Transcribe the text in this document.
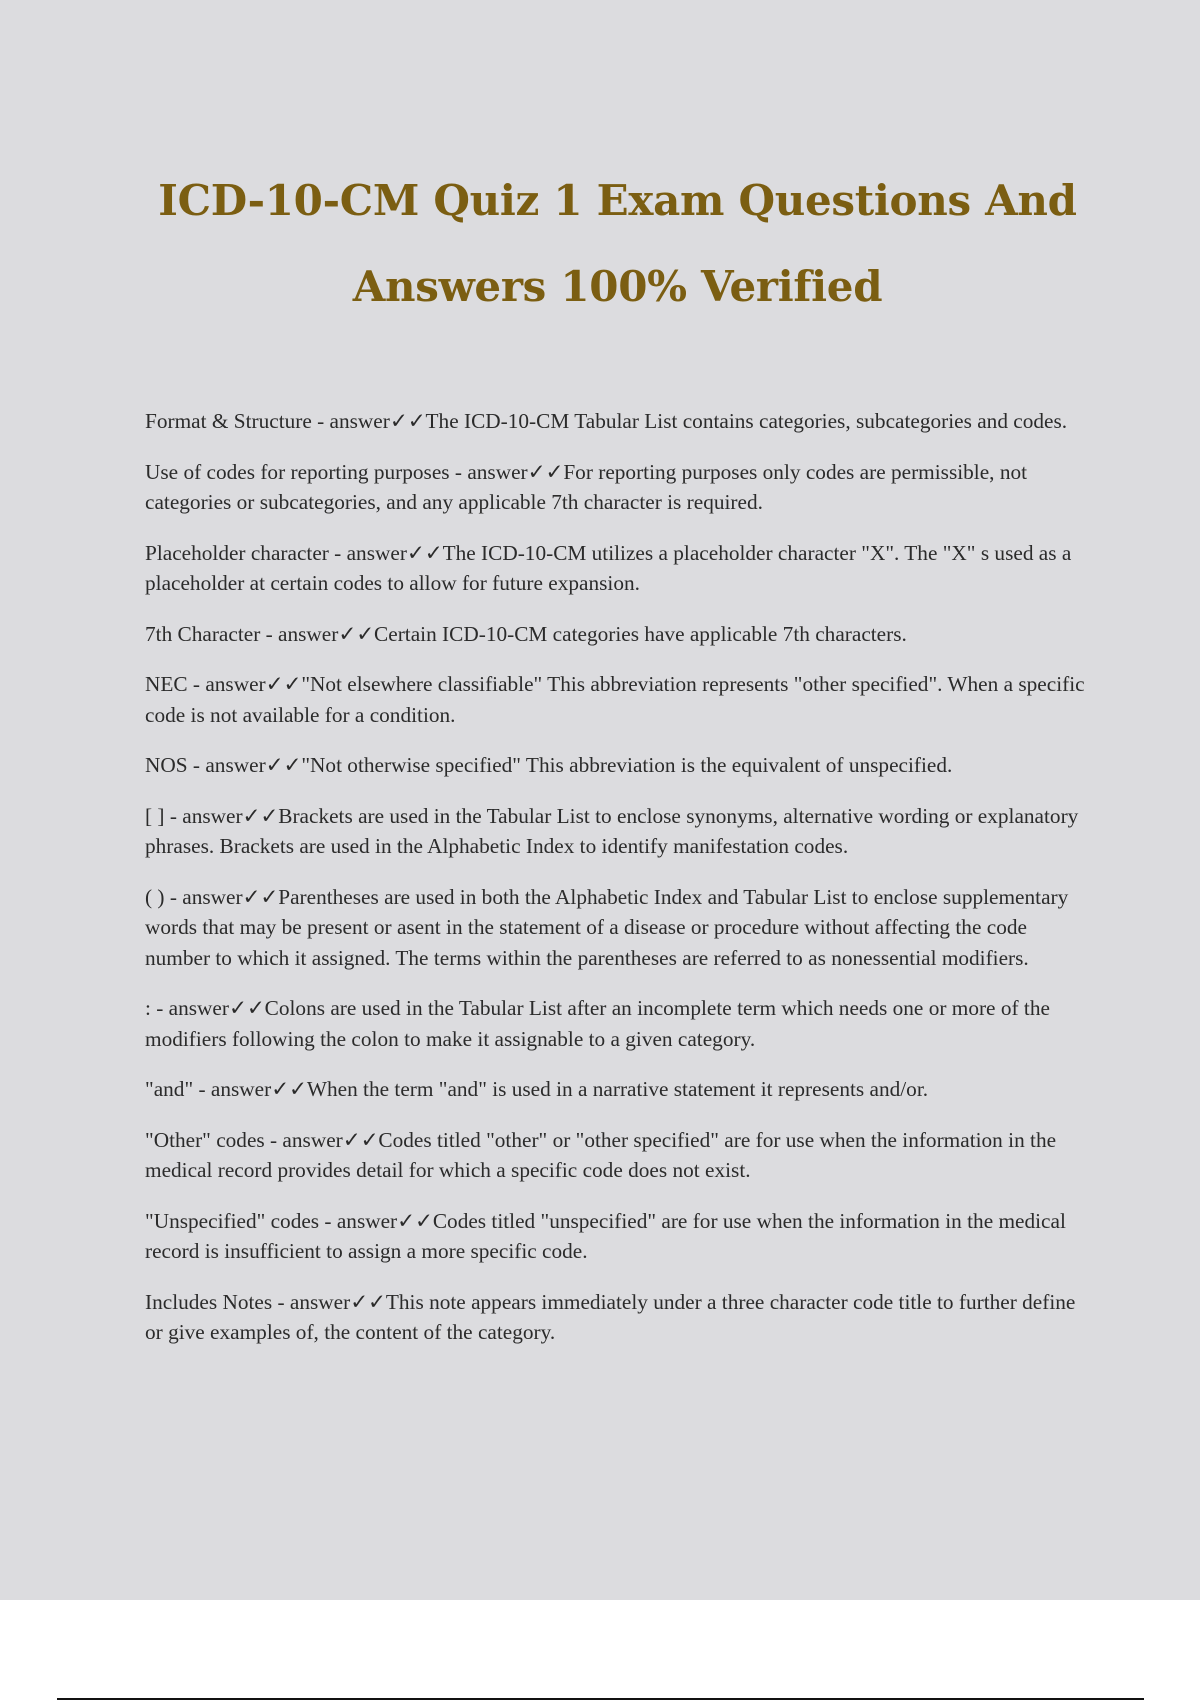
ICD-10-CM Quiz 1 Exam Questions And
Answers 100% Verified
Format & Structure - answer✓✓The ICD-10-CM Tabular List contains categories, subcategories and codes.
Use of codes for reporting purposes - answer✓✓For reporting purposes only codes are permissible, not categories or subcategories, and any applicable 7th character is required.
Placeholder character - answer✓✓The ICD-10-CM utilizes a placeholder character "X". The "X" s used as a placeholder at certain codes to allow for future expansion.
7th Character - answer✓✓Certain ICD-10-CM categories have applicable 7th characters.
NEC - answer✓✓"Not elsewhere classifiable" This abbreviation represents "other specified". When a specific code is not available for a condition.
NOS - answer✓✓"Not otherwise specified" This abbreviation is the equivalent of unspecified.
[ ] - answer✓✓Brackets are used in the Tabular List to enclose synonyms, alternative wording or explanatory phrases. Brackets are used in the Alphabetic Index to identify manifestation codes.
( ) - answer✓✓Parentheses are used in both the Alphabetic Index and Tabular List to enclose supplementary words that may be present or asent in the statement of a disease or procedure without affecting the code number to which it assigned. The terms within the parentheses are referred to as nonessential modifiers.
: - answer✓✓Colons are used in the Tabular List after an incomplete term which needs one or more of the modifiers following the colon to make it assignable to a given category.
"and" - answer✓✓When the term "and" is used in a narrative statement it represents and/or.
"Other" codes - answer✓✓Codes titled "other" or "other specified" are for use when the information in the medical record provides detail for which a specific code does not exist.
"Unspecified" codes - answer✓✓Codes titled "unspecified" are for use when the information in the medical record is insufficient to assign a more specific code.
Includes Notes - answer✓✓This note appears immediately under a three character code title to further define or give examples of, the content of the category.
